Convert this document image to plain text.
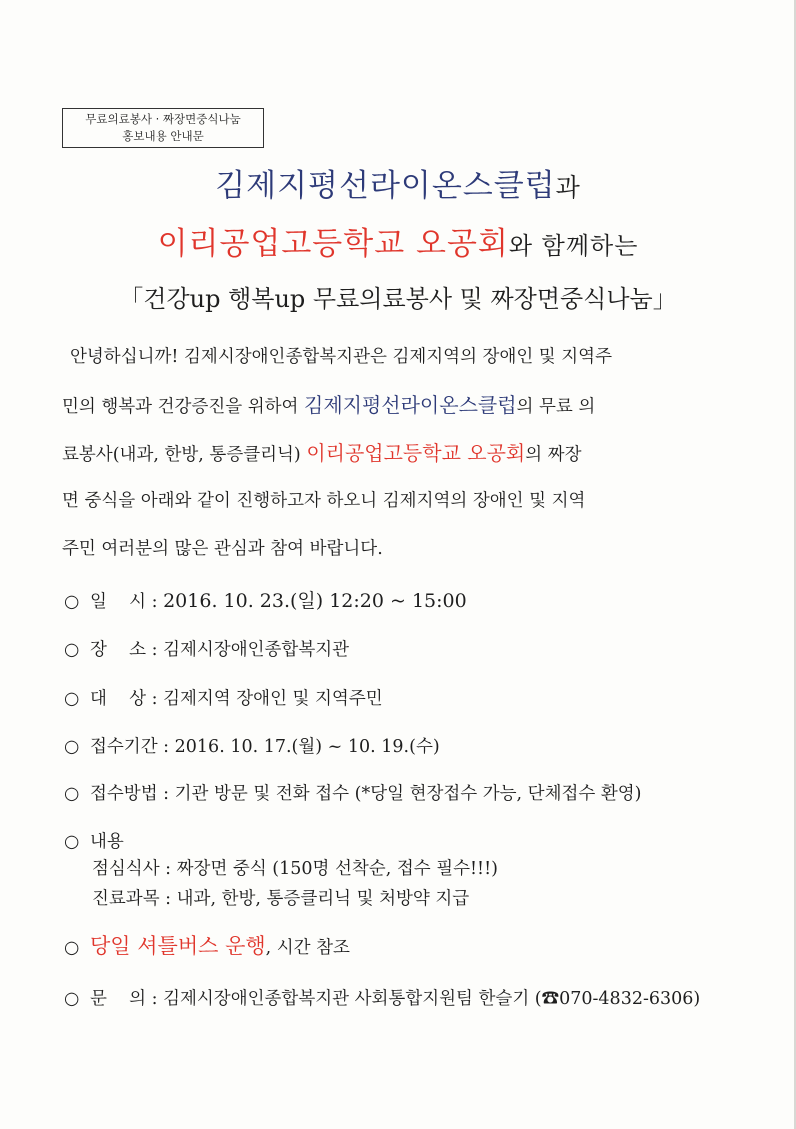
무료의료봉사 · 짜장면중식나눔
홍보내용 안내문
김제지평선라이온스클럽과
이리공업고등학교 오공회와 함께하는
「건강up 행복up 무료의료봉사 및 짜장면중식나눔」
안녕하십니까! 김제시장애인종합복지관은 김제지역의 장애인 및 지역주
민의 행복과 건강증진을 위하여 김제지평선라이온스클럽의 무료 의
료봉사(내과, 한방, 통증클리닉) 이리공업고등학교 오공회의 짜장
면 중식을 아래와 같이 진행하고자 하오니 김제지역의 장애인 및 지역
주민 여러분의 많은 관심과 참여 바랍니다.
○ 일    시 : 2016. 10. 23.(일) 12:20 ~ 15:00
○ 장    소 : 김제시장애인종합복지관
○ 대    상 : 김제지역 장애인 및 지역주민
○ 접수기간 : 2016. 10. 17.(월) ~ 10. 19.(수)
○ 접수방법 : 기관 방문 및 전화 접수 (*당일 현장접수 가능, 단체접수 환영)
○ 내용
점심식사 : 짜장면 중식 (150명 선착순, 접수 필수!!!)
진료과목 : 내과, 한방, 통증클리닉 및 처방약 지급
○ 당일 셔틀버스 운행, 시간 참조
○ 문    의 : 김제시장애인종합복지관 사회통합지원팀 한슬기 (☎070-4832-6306)
